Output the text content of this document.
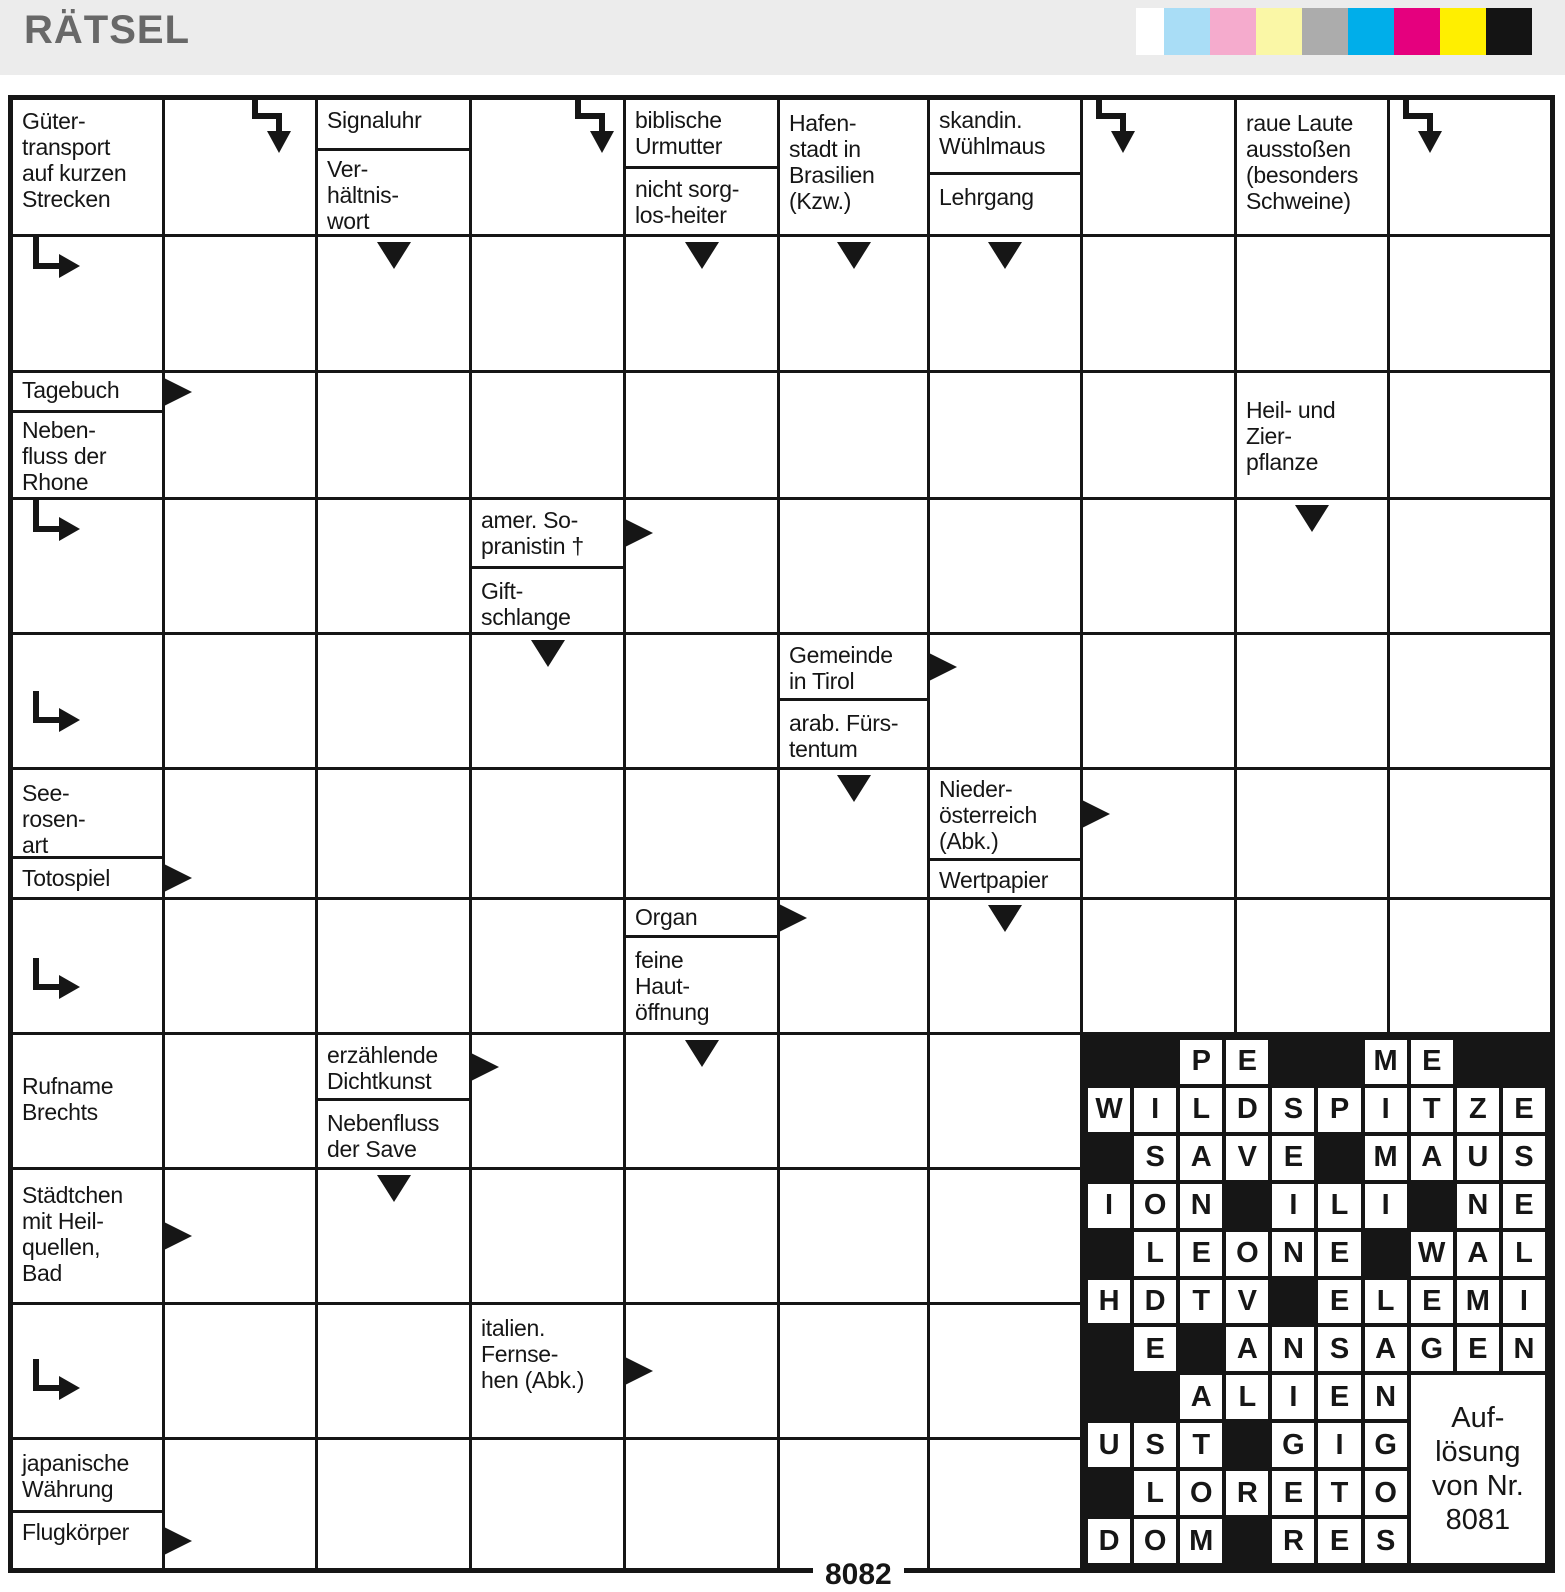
RÄTSEL
8082
Güter-
transport
auf kurzen
Strecken
Signaluhr
Ver-
hältnis-
wort
biblische
Urmutter
nicht sorg-
los-heiter
Hafen-
stadt in
Brasilien
(Kzw.)
skandin.
Wühlmaus
Lehrgang
raue Laute
ausstoßen
(besonders
Schweine)
Tagebuch
Neben-
fluss der
Rhone
Heil- und
Zier-
pflanze
amer. So-
pranistin †
Gift-
schlange
Gemeinde
in Tirol
arab. Fürs-
tentum
See-
rosen-
art
Totospiel
Nieder-
österreich
(Abk.)
Wertpapier
Organ
feine
Haut-
öffnung
Rufname
Brechts
erzählende
Dichtkunst
Nebenfluss
der Save
P E	M E
W I	L D S P	I	T Z E
S A V E	M A U S
I	O N	I	L	I	N E
L E O N E	W A L
H D T V	E L E M	I
E	A N S A G E N
A L	I	E N
U S T	G	I	G
L O R E T O
D O M	R E S
Auf-
lösung
von Nr.
8081
Städtchen
mit Heil-
quellen,
Bad
italien.
Fernse-
hen (Abk.)
japanische
Währung
Flugkörper
